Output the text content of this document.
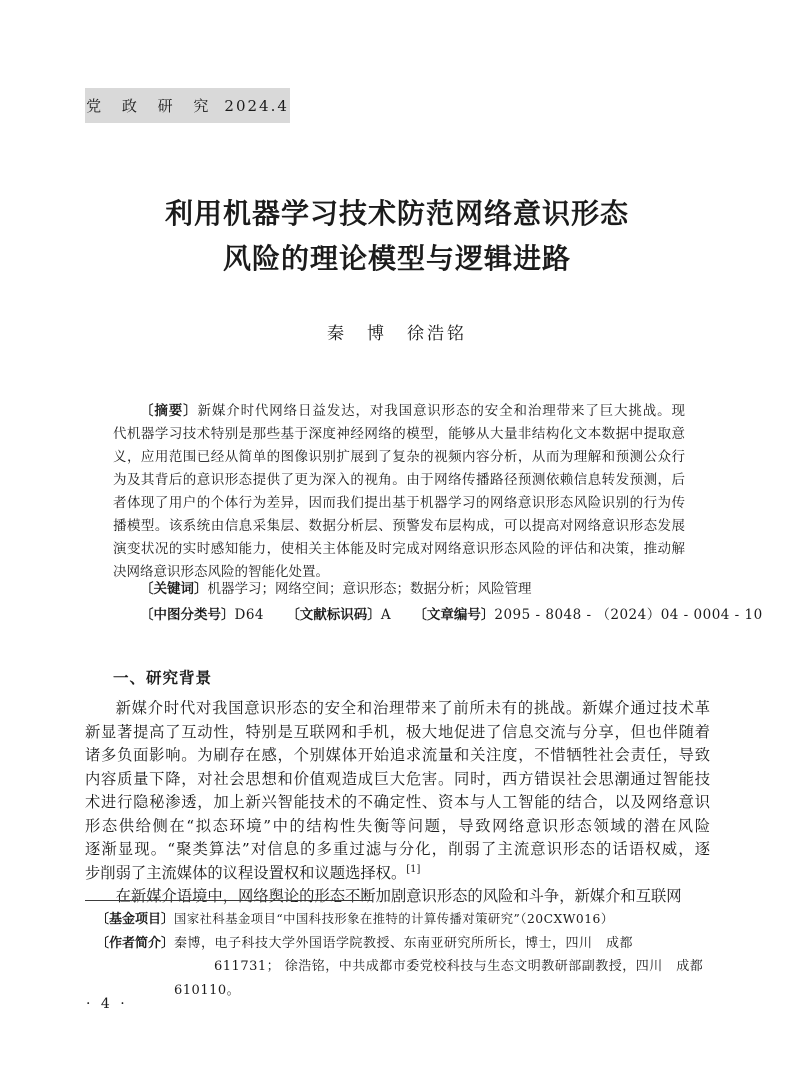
党 政 研 究 2024.4
利用机器学习技术防范网络意识形态
风险的理论模型与逻辑进路
秦　博　徐浩铭
〔摘要〕新媒介时代网络日益发达，对我国意识形态的安全和治理带来了巨大挑战。现
代机器学习技术特别是那些基于深度神经网络的模型，能够从大量非结构化文本数据中提取意
义，应用范围已经从简单的图像识别扩展到了复杂的视频内容分析，从而为理解和预测公众行
为及其背后的意识形态提供了更为深入的视角。由于网络传播路径预测依赖信息转发预测，后
者体现了用户的个体行为差异，因而我们提出基于机器学习的网络意识形态风险识别的行为传
播模型。该系统由信息采集层、数据分析层、预警发布层构成，可以提高对网络意识形态发展
演变状况的实时感知能力，使相关主体能及时完成对网络意识形态风险的评估和决策，推动解
决网络意识形态风险的智能化处置。
〔关键词〕机器学习；网络空间；意识形态；数据分析；风险管理
〔中图分类号〕D64 〔文献标识码〕A 〔文章编号〕2095 - 8048 - （2024）04 - 0004 - 10
一、研究背景
新媒介时代对我国意识形态的安全和治理带来了前所未有的挑战。新媒介通过技术革
新显著提高了互动性，特别是互联网和手机，极大地促进了信息交流与分享，但也伴随着
诸多负面影响。为刷存在感，个别媒体开始追求流量和关注度，不惜牺牲社会责任，导致
内容质量下降，对社会思想和价值观造成巨大危害。同时，西方错误社会思潮通过智能技
术进行隐秘渗透，加上新兴智能技术的不确定性、资本与人工智能的结合，以及网络意识
形态供给侧在“拟态环境”中的结构性失衡等问题，导致网络意识形态领域的潜在风险
逐渐显现。“聚类算法”对信息的多重过滤与分化，削弱了主流意识形态的话语权威，逐
步削弱了主流媒体的议程设置权和议题选择权。[1]
在新媒介语境中，网络舆论的形态不断加剧意识形态的风险和斗争，新媒介和互联网
〔基金项目〕 国家社科基金项目“中国科技形象在推特的计算传播对策研究”（20CXW016）
〔作者简介〕 秦博，电子科技大学外国语学院教授、东南亚研究所所长，博士，四川　成都 611731； 徐浩铭，中共成都市委党校科技与生态文明教研部副教授，四川　成都　610110。
· 4 ·
